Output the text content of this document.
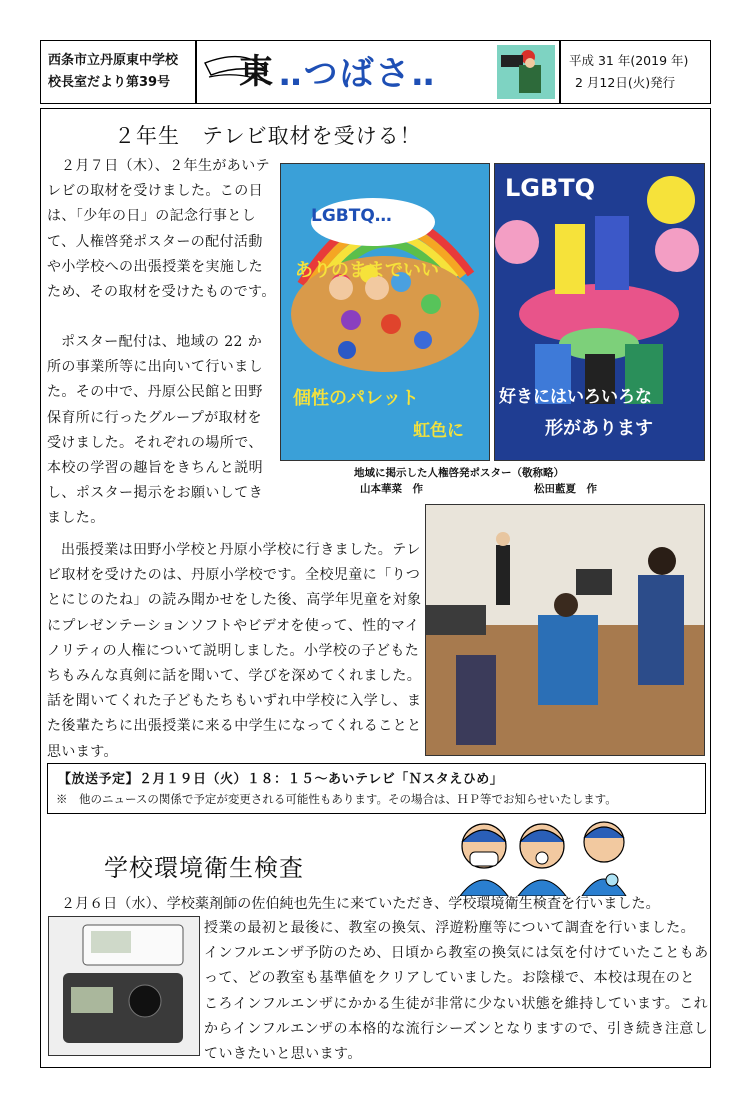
西条市立丹原東中学校
校長室だより第39号 東 ‥つばさ‥	平成 31 年(2019 年)
2 月12日(火)発行
２年生　テレビ取材を受ける！
２月７日（木）、２年生があいテレビの取材を受けました。この日は、「少年の日」の記念行事として、人権啓発ポスターの配付活動や小学校への出張授業を実施したため、その取材を受けたものです。
ポスター配付は、地域の 22 か所の事業所等に出向いて行いました。その中で、丹原公民館と田野保育所に行ったグループが取材を受けました。それぞれの場所で、本校の学習の趣旨をきちんと説明し、ポスター掲示をお願いしてきました。
出張授業は田野小学校と丹原小学校に行きました。テレビ取材を受けたのは、丹原小学校です。全校児童に「りつとにじのたね」の読み聞かせをした後、高学年児童を対象にプレゼンテーションソフトやビデオを使って、性的マイノリティの人権について説明しました。小学校の子どもたちもみんな真剣に話を聞いて、学びを深めてくれました。話を聞いてくれた子どもたちもいずれ中学校に入学し、また後輩たちに出張授業に来る中学生になってくれることと思います。
LGBTQ…
ありのままでいい
個性のパレット
虹色に
LGBTQ
好きにはいろいろな
形があります
地域に掲示した人権啓発ポスター（敬称略）
山本華菜　作	松田藍夏　作
【放送予定】２月１９日（火）１８：１５～あいテレビ「Ｎスタえひめ」
※　他のニュースの関係で予定が変更される可能性もあります。その場合は、ＨＰ等でお知らせいたします。
学校環境衛生検査
２月６日（水）、学校薬剤師の佐伯純也先生に来ていただき、学校環境衛生検査を行いました。
授業の最初と最後に、教室の換気、浮遊粉塵等について調査を行いました。インフルエンザ予防のため、日頃から教室の換気には気を付けていたこともあって、どの教室も基準値をクリアしていました。お陰様で、本校は現在のところインフルエンザにかかる生徒が非常に少ない状態を維持しています。これからインフルエンザの本格的な流行シーズンとなりますので、引き続き注意していきたいと思います。
